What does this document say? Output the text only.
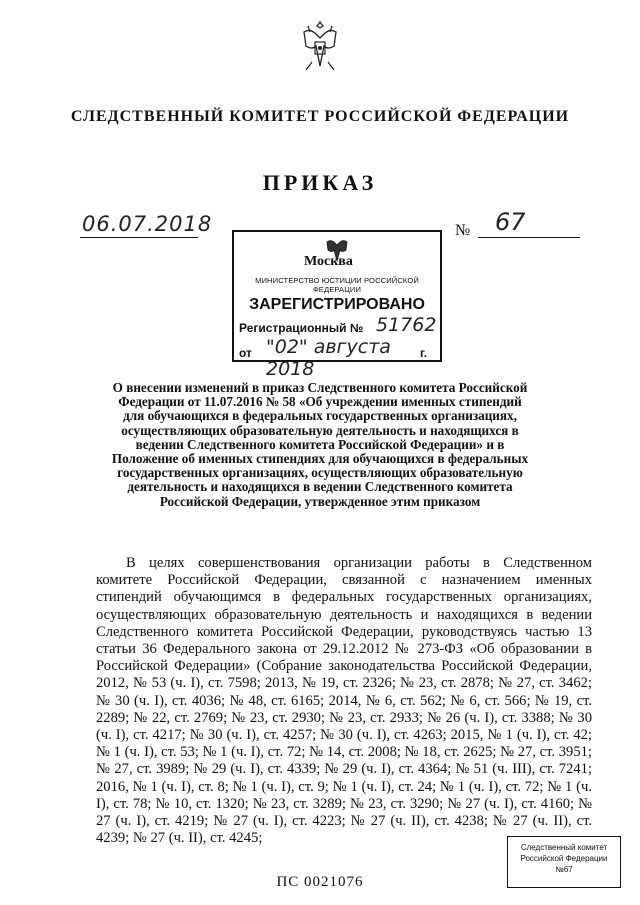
СЛЕДСТВЕННЫЙ КОМИТЕТ РОССИЙСКОЙ ФЕДЕРАЦИИ
ПРИКАЗ
06.07.2018	№ 67
Москва
МИНИСТЕРСТВО ЮСТИЦИИ РОССИЙСКОЙ ФЕДЕРАЦИИ
ЗАРЕГИСТРИРОВАНО
Регистрационный № 51762
от "02" августа 2018
г.
О внесении изменений в приказ Следственного комитета Российской Федерации от 11.07.2016 № 58 «Об учреждении именных стипендий для обучающихся в федеральных государственных организациях, осуществляющих образовательную деятельность и находящихся в ведении Следственного комитета Российской Федерации» и в Положение об именных стипендиях для обучающихся в федеральных государственных организациях, осуществляющих образовательную деятельность и находящихся в ведении Следственного комитета Российской Федерации, утвержденное этим приказом
В целях совершенствования организации работы в Следственном комитете Российской Федерации, связанной с назначением именных стипендий обучающимся в федеральных государственных организациях, осуществляющих образовательную деятельность и находящихся в ведении Следственного комитета Российской Федерации, руководствуясь частью 13 статьи 36 Федерального закона от 29.12.2012 № 273-ФЗ «Об образовании в Российской Федерации» (Собрание законодательства Российской Федерации, 2012, № 53 (ч. I), ст. 7598; 2013, № 19, ст. 2326; № 23, ст. 2878; № 27, ст. 3462; № 30 (ч. I), ст. 4036; № 48, ст. 6165; 2014, № 6, ст. 562; № 6, ст. 566; № 19, ст. 2289; № 22, ст. 2769; № 23, ст. 2930; № 23, ст. 2933; № 26 (ч. I), ст. 3388; № 30 (ч. I), ст. 4217; № 30 (ч. I), ст. 4257; № 30 (ч. I), ст. 4263; 2015, № 1 (ч. I), ст. 42; № 1 (ч. I), ст. 53; № 1 (ч. I), ст. 72; № 14, ст. 2008; № 18, ст. 2625; № 27, ст. 3951; № 27, ст. 3989; № 29 (ч. I), ст. 4339; № 29 (ч. I), ст. 4364; № 51 (ч. III), ст. 7241; 2016, № 1 (ч. I), ст. 8; № 1 (ч. I), ст. 9; № 1 (ч. I), ст. 24; № 1 (ч. I), ст. 72; № 1 (ч. I), ст. 78; № 10, ст. 1320; № 23, ст. 3289; № 23, ст. 3290; № 27 (ч. I), ст. 4160; № 27 (ч. I), ст. 4219; № 27 (ч. I), ст. 4223; № 27 (ч. II), ст. 4238; № 27 (ч. II), ст. 4239; № 27 (ч. II), ст. 4245;
ПС 0021076
Следственный комитет
Российской Федерации
№67
